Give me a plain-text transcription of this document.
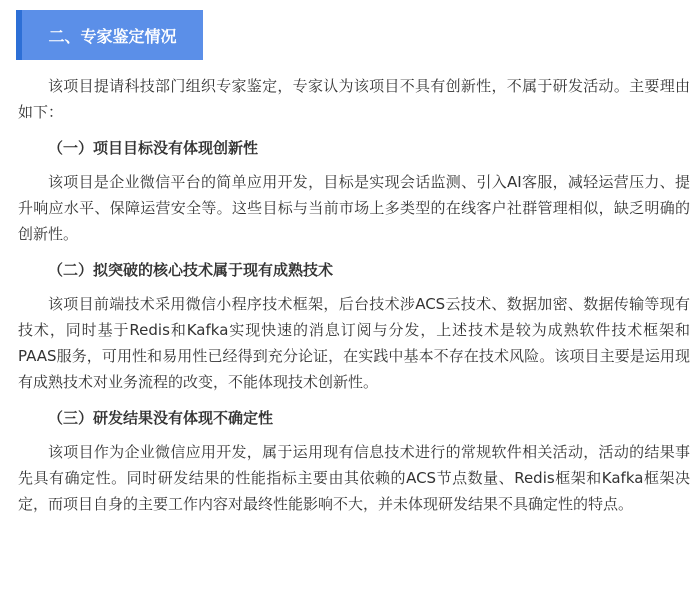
二、专家鉴定情况

该项目提请科技部门组织专家鉴定，专家认为该项目不具有创新性，不属于研发活动。主要理由如下：

（一）项目目标没有体现创新性

该项目是企业微信平台的简单应用开发，目标是实现会话监测、引入AI客服，减轻运营压力、提升响应水平、保障运营安全等。这些目标与当前市场上多类型的在线客户社群管理相似，缺乏明确的创新性。

（二）拟突破的核心技术属于现有成熟技术

该项目前端技术采用微信小程序技术框架，后台技术涉ACS云技术、数据加密、数据传输等现有技术，同时基于Redis和Kafka实现快速的消息订阅与分发，上述技术是较为成熟软件技术框架和PAAS服务，可用性和易用性已经得到充分论证，在实践中基本不存在技术风险。该项目主要是运用现有成熟技术对业务流程的改变，不能体现技术创新性。

（三）研发结果没有体现不确定性

该项目作为企业微信应用开发，属于运用现有信息技术进行的常规软件相关活动，活动的结果事先具有确定性。同时研发结果的性能指标主要由其依赖的ACS节点数量、Redis框架和Kafka框架决定，而项目自身的主要工作内容对最终性能影响不大，并未体现研发结果不具确定性的特点。
